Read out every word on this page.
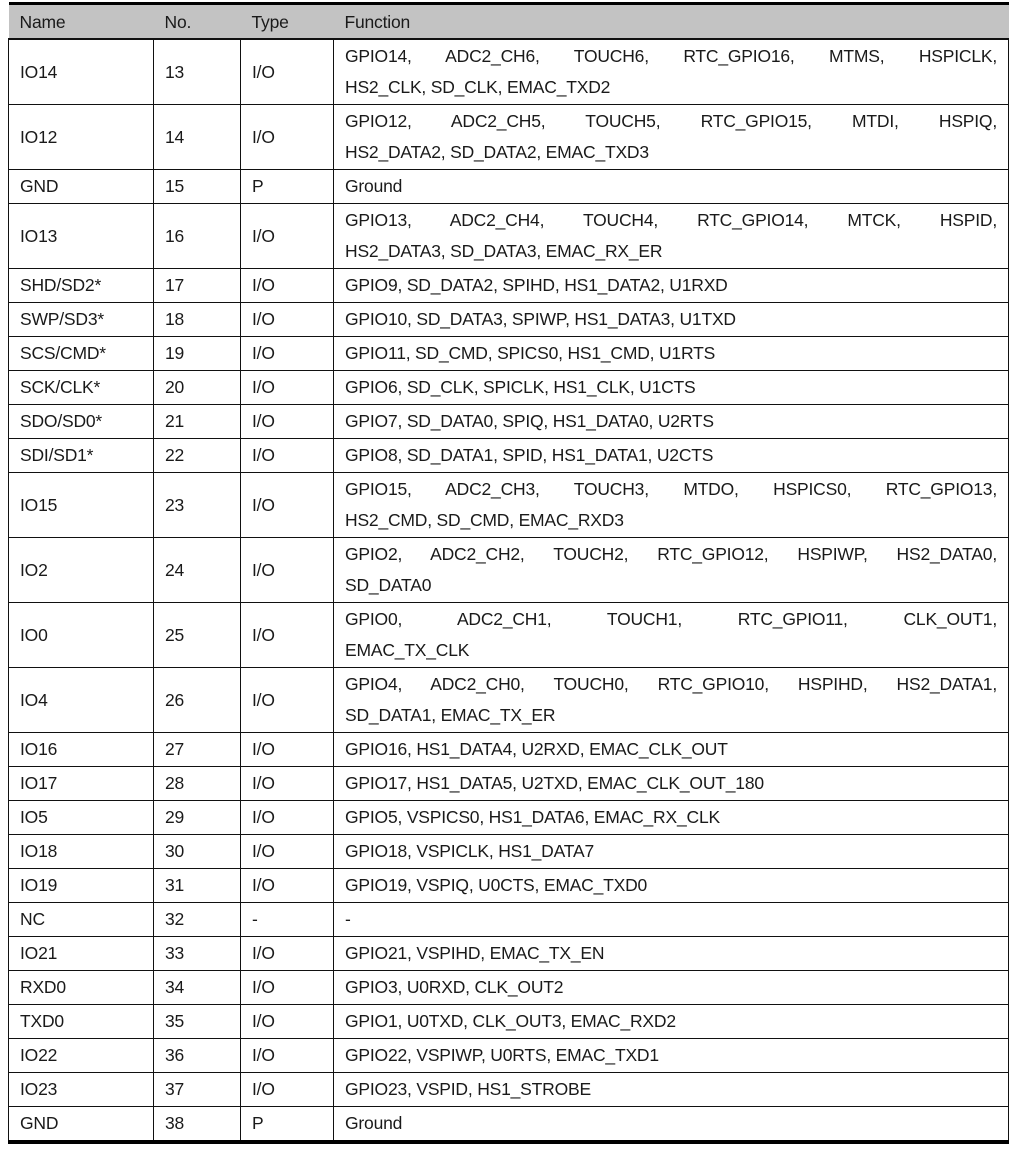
Name	No.	Type	Function
IO14	13	I/O	GPIO14, ADC2_CH6, TOUCH6, RTC_GPIO16, MTMS, HSPICLK,
HS2_CLK, SD_CLK, EMAC_TXD2

IO12	14	I/O	GPIO12, ADC2_CH5, TOUCH5, RTC_GPIO15, MTDI, HSPIQ,
HS2_DATA2, SD_DATA2, EMAC_TXD3

GND	15	P	Ground

IO13	16	I/O	GPIO13, ADC2_CH4, TOUCH4, RTC_GPIO14, MTCK, HSPID,
HS2_DATA3, SD_DATA3, EMAC_RX_ER

SHD/SD2*	17	I/O	GPIO9, SD_DATA2, SPIHD, HS1_DATA2, U1RXD

SWP/SD3*	18	I/O	GPIO10, SD_DATA3, SPIWP, HS1_DATA3, U1TXD

SCS/CMD*	19	I/O	GPIO11, SD_CMD, SPICS0, HS1_CMD, U1RTS

SCK/CLK*	20	I/O	GPIO6, SD_CLK, SPICLK, HS1_CLK, U1CTS

SDO/SD0*	21	I/O	GPIO7, SD_DATA0, SPIQ, HS1_DATA0, U2RTS

SDI/SD1*	22	I/O	GPIO8, SD_DATA1, SPID, HS1_DATA1, U2CTS

IO15	23	I/O	GPIO15, ADC2_CH3, TOUCH3, MTDO, HSPICS0, RTC_GPIO13,
HS2_CMD, SD_CMD, EMAC_RXD3

IO2	24	I/O	GPIO2, ADC2_CH2, TOUCH2, RTC_GPIO12, HSPIWP, HS2_DATA0,
SD_DATA0

IO0	25	I/O	GPIO0, ADC2_CH1, TOUCH1, RTC_GPIO11, CLK_OUT1,
EMAC_TX_CLK

IO4	26	I/O	GPIO4, ADC2_CH0, TOUCH0, RTC_GPIO10, HSPIHD, HS2_DATA1,
SD_DATA1, EMAC_TX_ER

IO16	27	I/O	GPIO16, HS1_DATA4, U2RXD, EMAC_CLK_OUT

IO17	28	I/O	GPIO17, HS1_DATA5, U2TXD, EMAC_CLK_OUT_180

IO5	29	I/O	GPIO5, VSPICS0, HS1_DATA6, EMAC_RX_CLK

IO18	30	I/O	GPIO18, VSPICLK, HS1_DATA7

IO19	31	I/O	GPIO19, VSPIQ, U0CTS, EMAC_TXD0

NC	32	-	-

IO21	33	I/O	GPIO21, VSPIHD, EMAC_TX_EN

RXD0	34	I/O	GPIO3, U0RXD, CLK_OUT2

TXD0	35	I/O	GPIO1, U0TXD, CLK_OUT3, EMAC_RXD2

IO22	36	I/O	GPIO22, VSPIWP, U0RTS, EMAC_TXD1

IO23	37	I/O	GPIO23, VSPID, HS1_STROBE

GND	38	P	Ground
